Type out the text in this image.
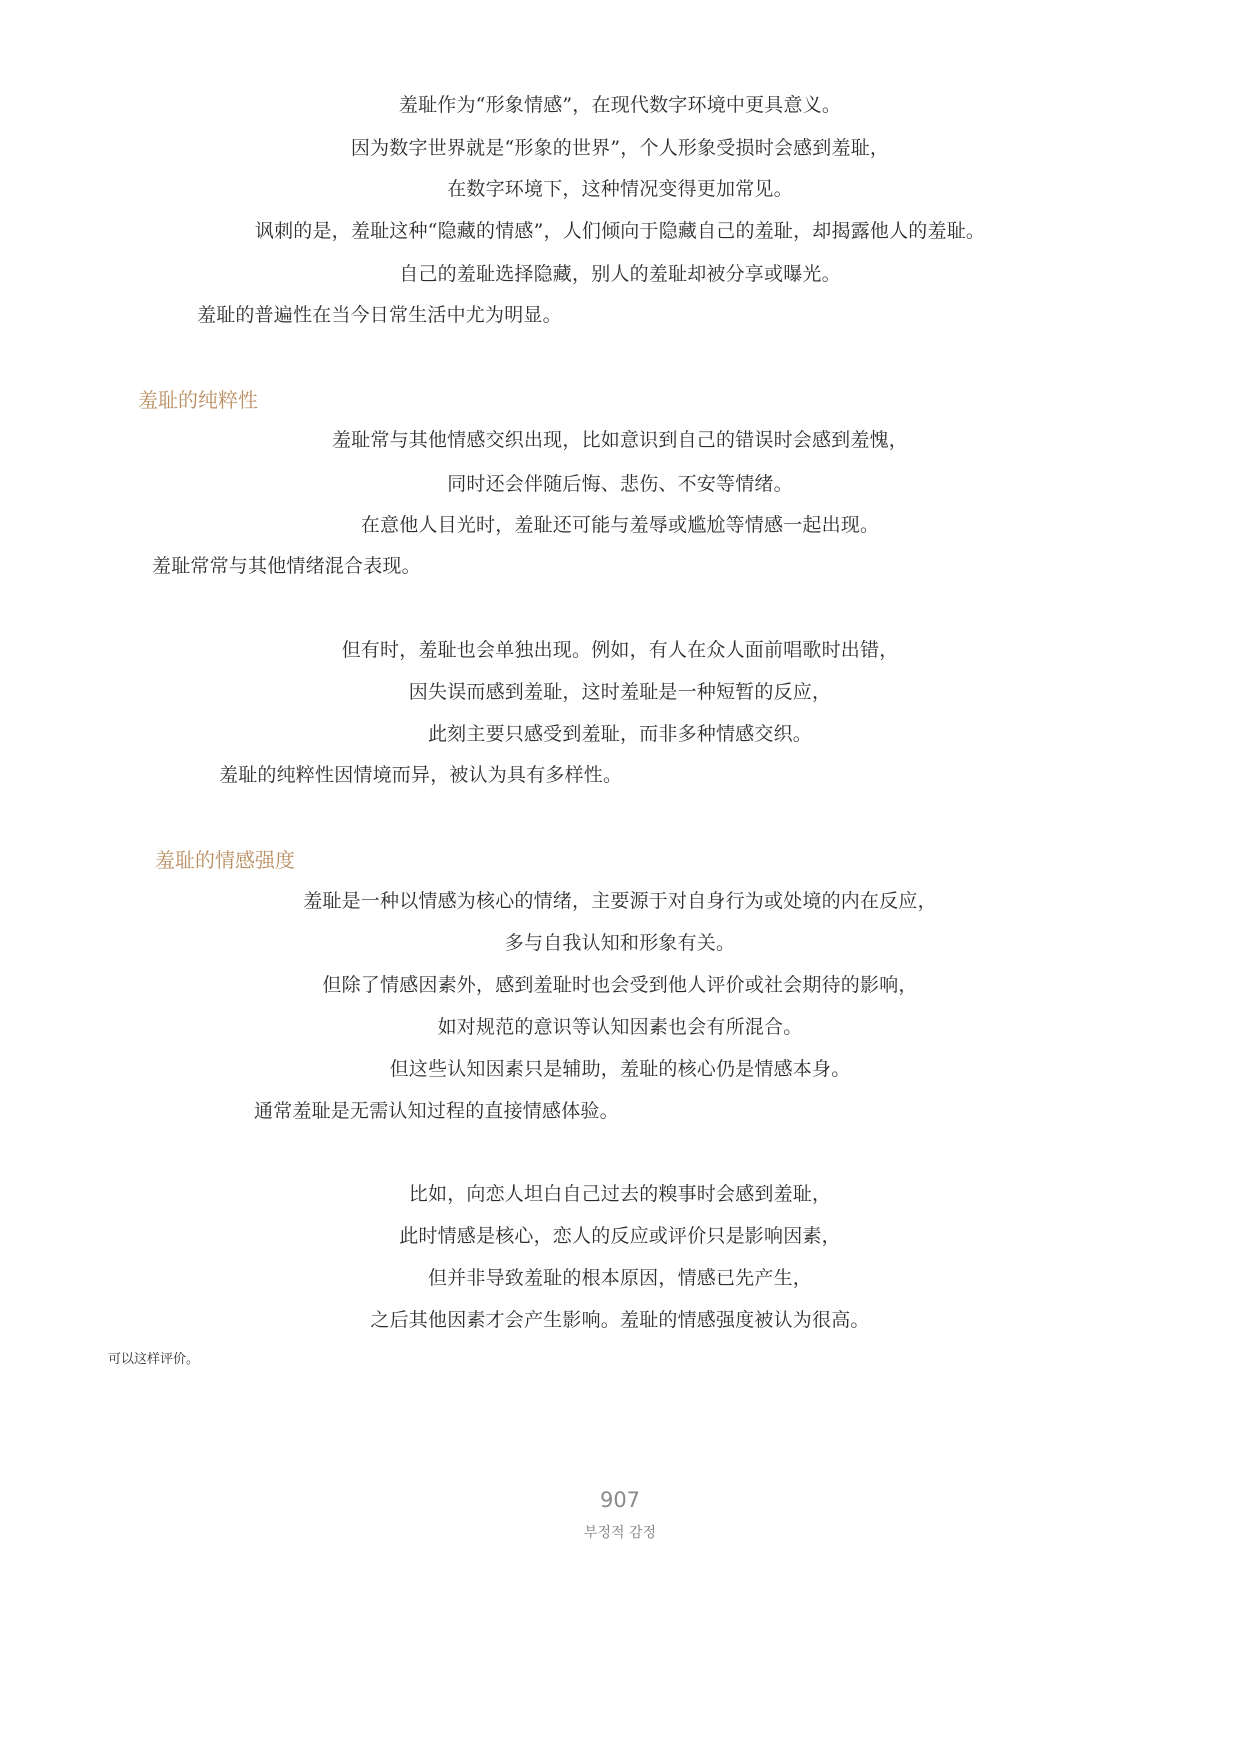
羞耻作为“形象情感”，在现代数字环境中更具意义。
因为数字世界就是“形象的世界”，个人形象受损时会感到羞耻，
在数字环境下，这种情况变得更加常见。
讽刺的是，羞耻这种“隐藏的情感”，人们倾向于隐藏自己的羞耻，却揭露他人的羞耻。
自己的羞耻选择隐藏，别人的羞耻却被分享或曝光。
羞耻的普遍性在当今日常生活中尤为明显。
羞耻的纯粹性
羞耻常与其他情感交织出现，比如意识到自己的错误时会感到羞愧，
同时还会伴随后悔、悲伤、不安等情绪。
在意他人目光时，羞耻还可能与羞辱或尴尬等情感一起出现。
羞耻常常与其他情绪混合表现。
但有时，羞耻也会单独出现。例如，有人在众人面前唱歌时出错，
因失误而感到羞耻，这时羞耻是一种短暂的反应，
此刻主要只感受到羞耻，而非多种情感交织。
羞耻的纯粹性因情境而异，被认为具有多样性。
羞耻的情感强度
羞耻是一种以情感为核心的情绪，主要源于对自身行为或处境的内在反应，
多与自我认知和形象有关。
但除了情感因素外，感到羞耻时也会受到他人评价或社会期待的影响，
如对规范的意识等认知因素也会有所混合。
但这些认知因素只是辅助，羞耻的核心仍是情感本身。
通常羞耻是无需认知过程的直接情感体验。
比如，向恋人坦白自己过去的糗事时会感到羞耻，
此时情感是核心，恋人的反应或评价只是影响因素，
但并非导致羞耻的根本原因，情感已先产生，
之后其他因素才会产生影响。羞耻的情感强度被认为很高。
可以这样评价。
907
부정적 감정
